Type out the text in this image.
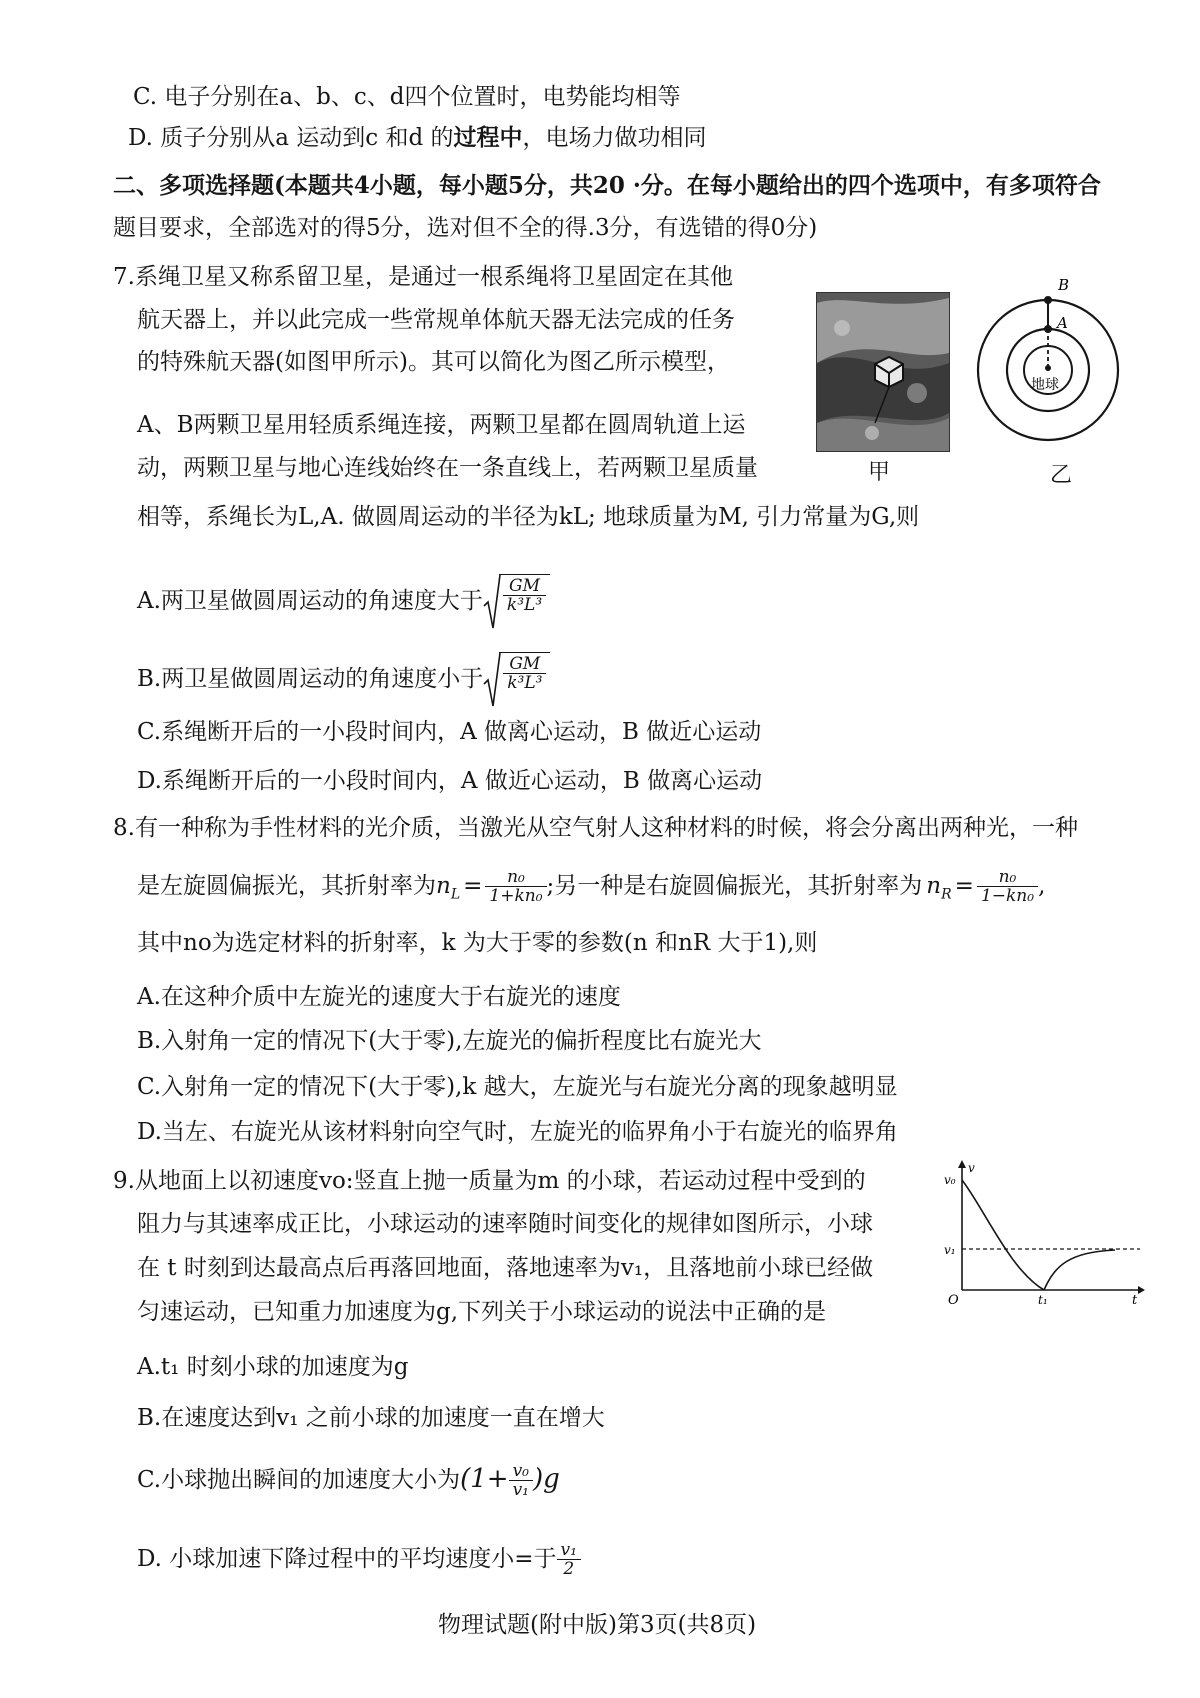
C. 电子分别在a、b、c、d四个位置时，电势能均相等
D. 质子分别从a 运动到c 和d 的过程中，电场力做功相同
二、多项选择题(本题共4小题，每小题5分，共20 ·分。在每小题给出的四个选项中，有多项符合
题目要求，全部选对的得5分，选对但不全的得.3分，有选错的得0分)
7.系绳卫星又称系留卫星，是通过一根系绳将卫星固定在其他
航天器上，并以此完成一些常规单体航天器无法完成的任务
的特殊航天器(如图甲所示)。其可以简化为图乙所示模型，
A、B两颗卫星用轻质系绳连接，两颗卫星都在圆周轨道上运
动，两颗卫星与地心连线始终在一条直线上，若两颗卫星质量
相等，系绳长为L,A. 做圆周运动的半径为kL; 地球质量为M, 引力常量为G,则
甲
B
A
地球
乙
A.两卫星做圆周运动的角速度大于 $\frac{GM}{\text{k³L³}}$
B.两卫星做圆周运动的角速度小于 $\frac{GM}{\text{k³L³}}$
C.系绳断开后的一小段时间内，A 做离心运动，B 做近心运动
D.系绳断开后的一小段时间内，A 做近心运动，B 做离心运动
8.有一种称为手性材料的光介质，当激光从空气射人这种材料的时候，将会分离出两种光，一种
是左旋圆偏振光，其折射率为$n_L = \frac{\text{n₀}}{\text{1+kn₀}}$ ;另一种是右旋圆偏振光，其折射率为 $n_R = \frac{\text{n₀}}{\text{1−kn₀}}$ ,
其中no为选定材料的折射率，k 为大于零的参数(n 和nR 大于1),则
A.在这种介质中左旋光的速度大于右旋光的速度
B.入射角一定的情况下(大于零),左旋光的偏折程度比右旋光大
C.入射角一定的情况下(大于零),k 越大，左旋光与右旋光分离的现象越明显
D.当左、右旋光从该材料射向空气时，左旋光的临界角小于右旋光的临界角
9.从地面上以初速度vo:竖直上抛一质量为m 的小球，若运动过程中受到的
阻力与其速率成正比，小球运动的速率随时间变化的规律如图所示，小球
在 t 时刻到达最高点后再落回地面，落地速率为v₁，且落地前小球已经做
匀速运动，已知重力加速度为g,下列关于小球运动的说法中正确的是
v₀
v
v₁
O	t₁	t
A.t₁ 时刻小球的加速度为g
B.在速度达到v₁ 之前小球的加速度一直在增大
C.小球抛出瞬间的加速度大小为$(1+ \frac{\text{v₀}}{\text{v₁}} )g$
D. 小球加速下降过程中的平均速度小=于 $\frac{\text{v₁}}{2}$
物理试题(附中版)第3页(共8页)
